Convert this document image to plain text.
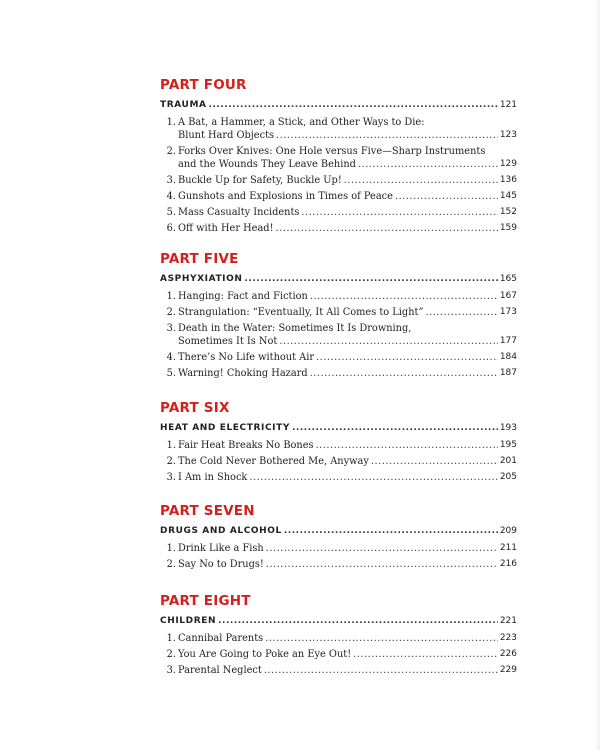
PART FOUR
TRAUMA .....	121
1. A Bat, a Hammer, a Stick, and Other Ways to Die:
Blunt Hard Objects .....	123
2. Forks Over Knives: One Hole versus Five—Sharp Instruments
and the Wounds They Leave Behind .....	129
3. Buckle Up for Safety, Buckle Up! .....	136
4. Gunshots and Explosions in Times of Peace .....	145
5. Mass Casualty Incidents .....	152
6. Off with Her Head! .....	159
PART FIVE
ASPHYXIATION .....	165
1. Hanging: Fact and Fiction .....	167
2. Strangulation: “Eventually, It All Comes to Light” .....	173
3. Death in the Water: Sometimes It Is Drowning,
Sometimes It Is Not .....	177
4. There’s No Life without Air .....	184
5. Warning! Choking Hazard .....	187
PART SIX
HEAT AND ELECTRICITY .....	193
1. Fair Heat Breaks No Bones .....	195
2. The Cold Never Bothered Me, Anyway .....	201
3. I Am in Shock .....	205
PART SEVEN
DRUGS AND ALCOHOL .....	209
1. Drink Like a Fish .....	211
2. Say No to Drugs! .....	216
PART EIGHT
CHILDREN .....	221
1. Cannibal Parents .....	223
2. You Are Going to Poke an Eye Out! .....	226
3. Parental Neglect .....	229
